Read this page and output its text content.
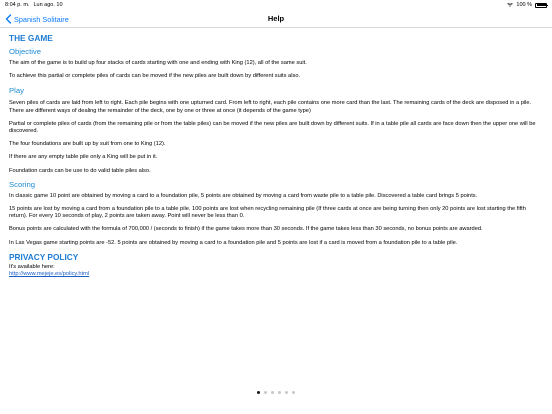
8:04 p. m. Lun ago. 10	100 %
Spanish Solitaire	Help
THE GAME
Objective
The aim of the game is to build up four stacks of cards starting with one and ending with King (12), all of the same suit.
To achieve this partial or complete piles of cards can be moved if the new piles are built down by different suits also.
Play
Seven piles of cards are laid from left to right. Each pile begins with one upturned card. From left to right, each pile contains one more card than the last. The remaining cards of the deck are disposed in a pile. There are different ways of dealing the remainder of the deck, one by one or three at once (it depends of the game type)
Partial or complete piles of cards (from the remaining pile or from the table piles) can be moved if the new piles are built down by different suits. If in a table pile all cards are face down then the upper one will be discovered.
The four foundations are built up by suit from one to King (12).
If there are any empty table pile only a King will be put in it.
Foundation cards can be use to do valid table piles also.
Scoring
In classic game 10 point are obtained by moving a card to a foundation pile, 5 points are obtained by moving a card from waste pile to a table pile. Discovered a table card brings 5 points.
15 points are lost by moving a card from a foundation pile to a table pile. 100 points are lost when recycling remaining pile (If three cards at once are being turning then only 20 points are lost starting the fifth return). For every 10 seconds of play, 2 points are taken away. Point will never be less than 0.
Bonus points are calculated with the formula of 700,000 / (seconds to finish) if the game takes more than 30 seconds. If the game takes less than 30 seconds, no bonus points are awarded.
In Las Vegas game starting points are -52. 5 points are obtained by moving a card to a foundation pile and 5 points are lost if a card is moved from a foundation pile to a table pile.
PRIVACY POLICY
It's available here:
http://www.mejeje.es/policy.html
